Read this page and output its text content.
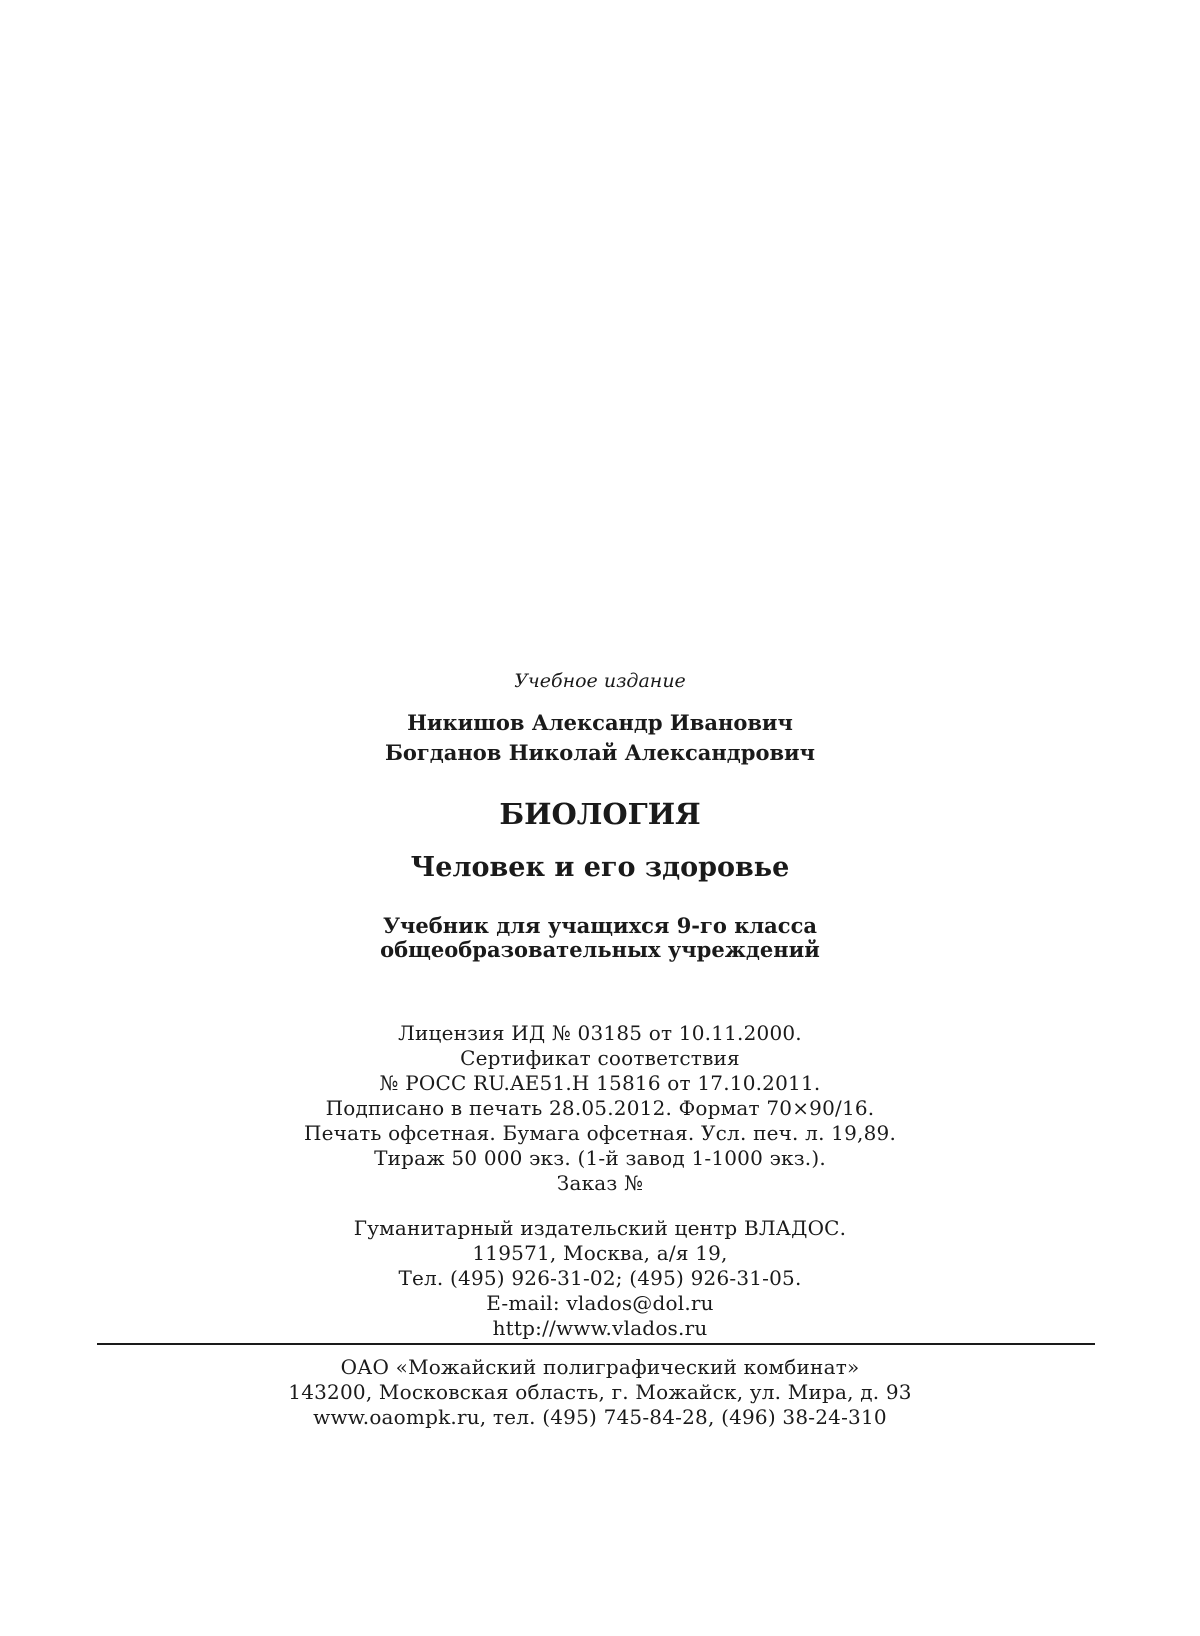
Учебное издание
Никишов Александр Иванович
Богданов Николай Александрович
БИОЛОГИЯ
Человек и его здоровье
Учебник для учащихся 9-го класса
общеобразовательных учреждений
Лицензия ИД № 03185 от 10.11.2000.
Сертификат соответствия
№ РОСС RU.AE51.H 15816 от 17.10.2011.
Подписано в печать 28.05.2012. Формат 70×90/16.
Печать офсетная. Бумага офсетная. Усл. печ. л. 19,89.
Тираж 50 000 экз. (1-й завод 1-1000 экз.).
Заказ №
Гуманитарный издательский центр ВЛАДОС.
119571, Москва, а/я 19,
Тел. (495) 926-31-02; (495) 926-31-05.
E-mail: vlados@dol.ru
http://www.vlados.ru
ОАО «Можайский полиграфический комбинат»
143200, Московская область, г. Можайск, ул. Мира, д. 93
www.oaompk.ru, тел. (495) 745-84-28, (496) 38-24-310
